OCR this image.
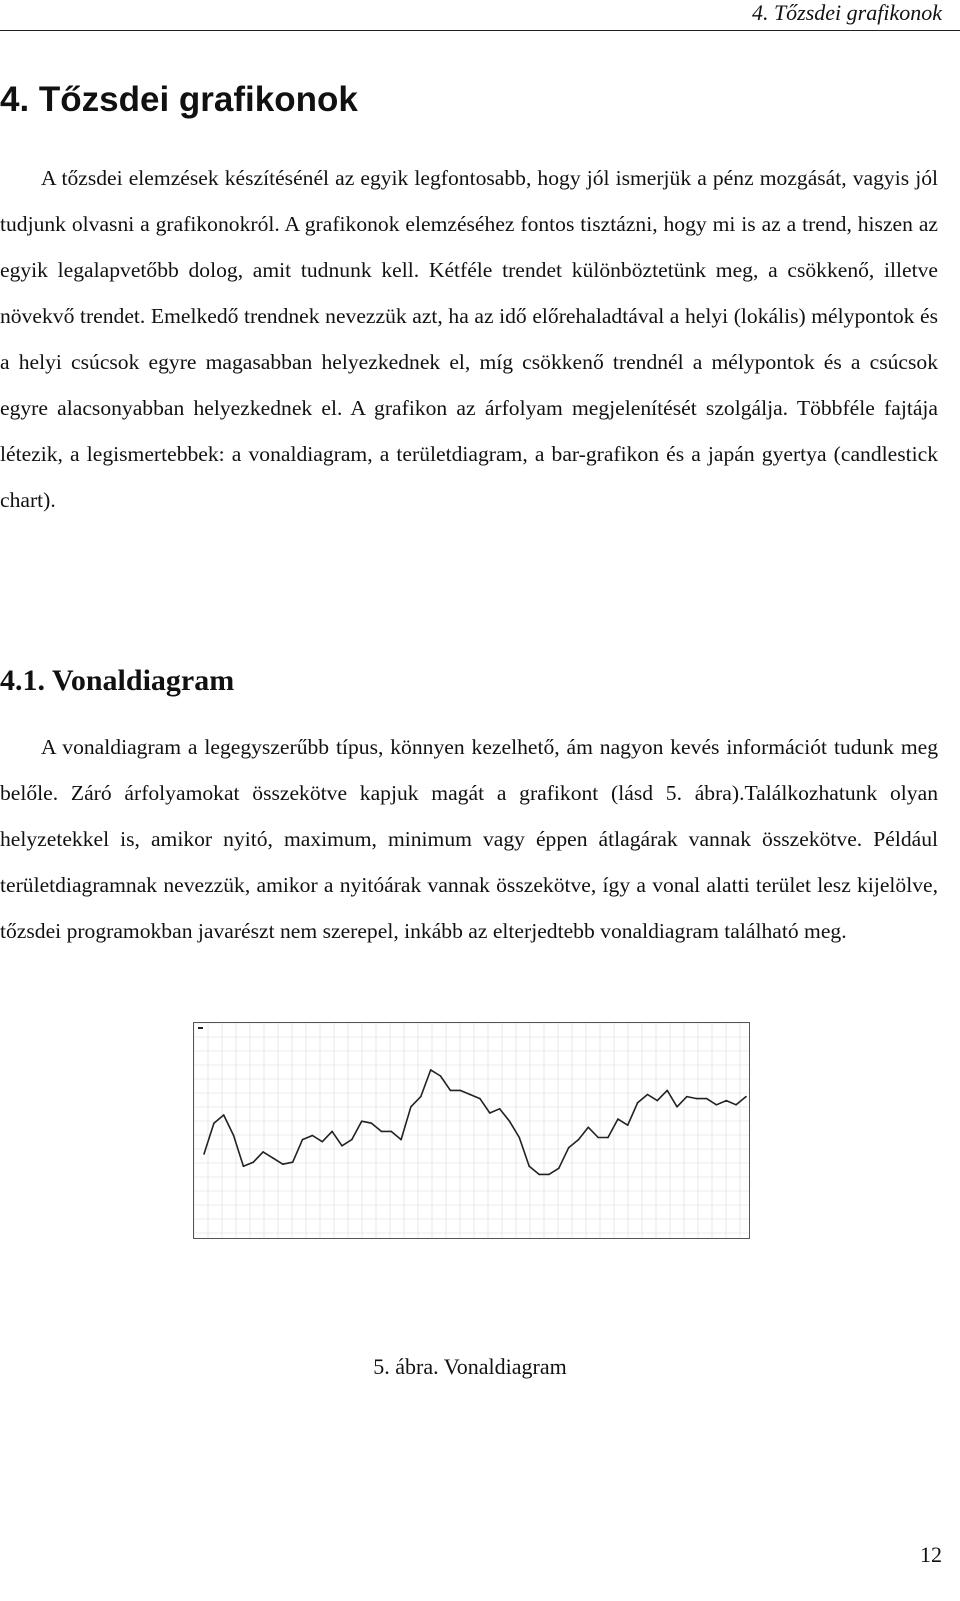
4. Tőzsdei grafikonok
4. Tőzsdei grafikonok

A tőzsdei elemzések készítésénél az egyik legfontosabb, hogy jól ismerjük a pénz mozgását, vagyis jól tudjunk olvasni a grafikonokról. A grafikonok elemzéséhez fontos tisztázni, hogy mi is az a trend, hiszen az egyik legalapvetőbb dolog, amit tudnunk kell. Kétféle trendet különböztetünk meg, a csökkenő, illetve növekvő trendet. Emelkedő trendnek nevezzük azt, ha az idő előrehaladtával a helyi (lokális) mélypontok és a helyi csúcsok egyre magasabban helyezkednek el, míg csökkenő trendnél a mélypontok és a csúcsok egyre alacsonyabban helyezkednek el. A grafikon az árfolyam megjelenítését szolgálja. Többféle fajtája létezik, a legismertebbek: a vonaldiagram, a területdiagram, a bar-grafikon és a japán gyertya (candlestick chart).

4.1. Vonaldiagram

A vonaldiagram a legegyszerűbb típus, könnyen kezelhető, ám nagyon kevés információt tudunk meg belőle. Záró árfolyamokat összekötve kapjuk magát a grafikont (lásd 5. ábra).Találkozhatunk olyan helyzetekkel is, amikor nyitó, maximum, minimum vagy éppen átlagárak vannak összekötve. Például területdiagramnak nevezzük, amikor a nyitóárak vannak összekötve, így a vonal alatti terület lesz kijelölve, tőzsdei programokban javarészt nem szerepel, inkább az elterjedtebb vonaldiagram található meg.

5. ábra. Vonaldiagram
12
